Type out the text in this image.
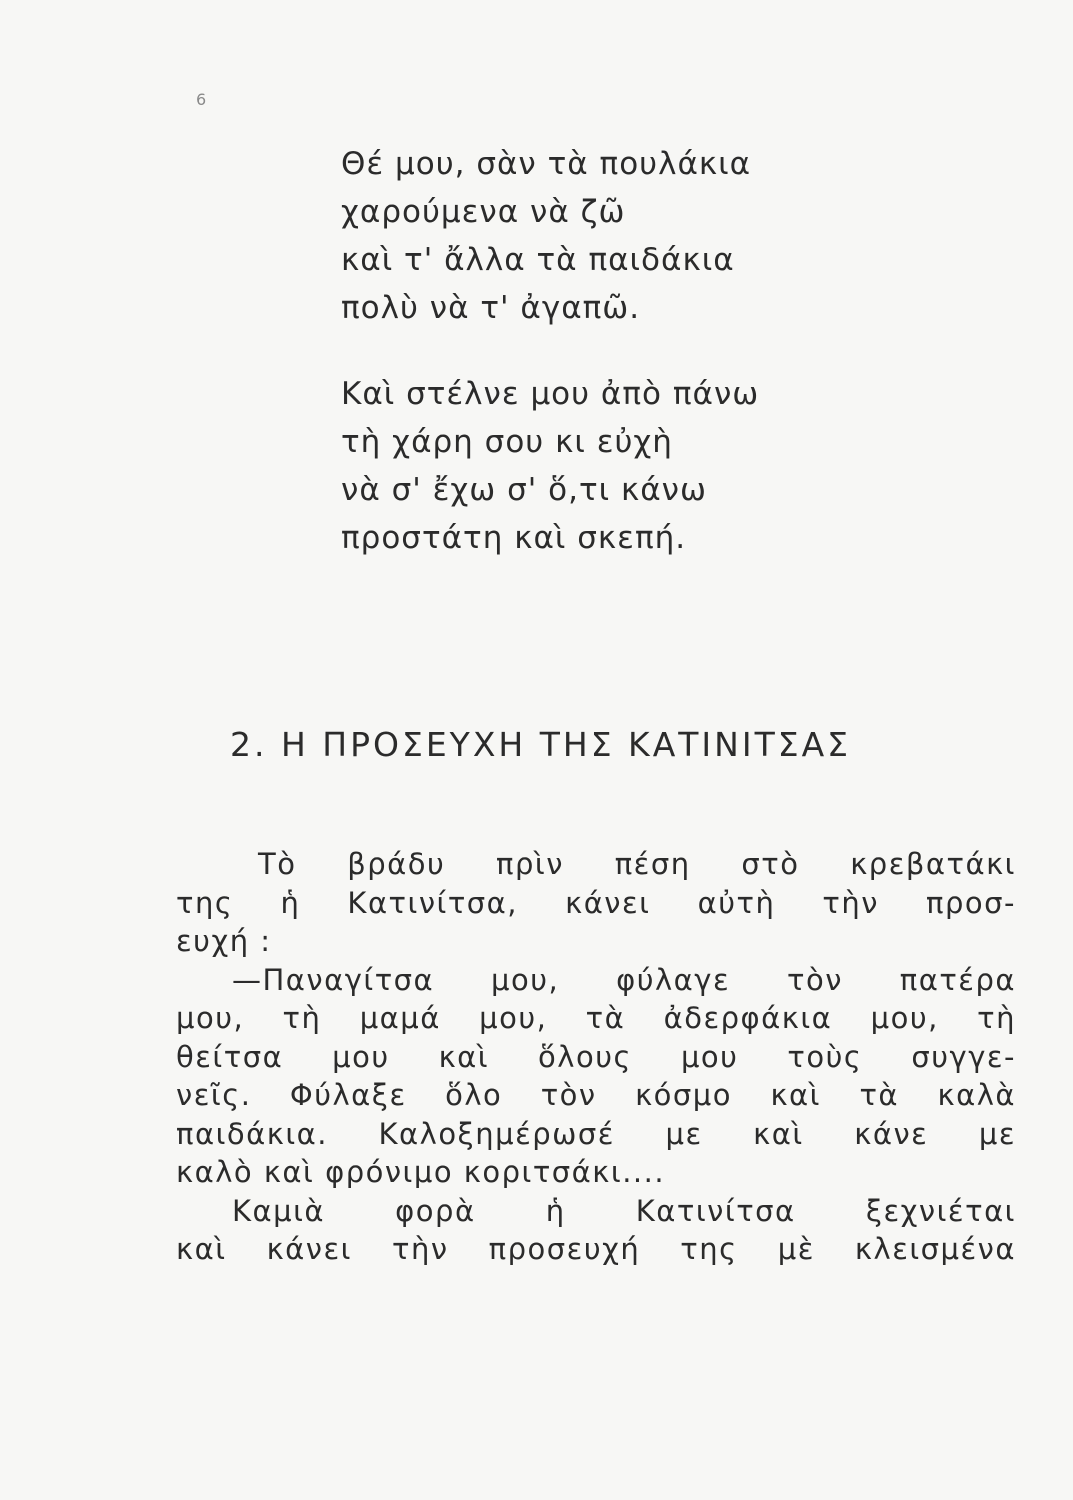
6
Θέ μου, σὰν τὰ πουλάκια
χαρούμενα νὰ ζῶ
καὶ τ' ἄλλα τὰ παιδάκια
πολὺ νὰ τ' ἀγαπῶ.
Καὶ στέλνε μου ἀπὸ πάνω
τὴ χάρη σου κι εὐχὴ
νὰ σ' ἔχω σ' ὅ,τι κάνω
προστάτη καὶ σκεπή.
2. Η ΠΡΟΣΕΥΧΗ ΤΗΣ ΚΑΤΙΝΙΤΣΑΣ
Τὸ βράδυ πρὶν πέση στὸ κρεβατάκι
της ἡ Κατινίτσα, κάνει αὐτὴ τὴν προσ-
ευχή :
—Παναγίτσα μου, φύλαγε τὸν πατέρα
μου, τὴ μαμά μου, τὰ ἀδερφάκια μου, τὴ
θείτσα μου καὶ ὅλους μου τοὺς συγγε-
νεῖς. Φύλαξε ὅλο τὸν κόσμο καὶ τὰ καλὰ
παιδάκια. Καλοξημέρωσέ με καὶ κάνε με
καλὸ καὶ φρόνιμο κοριτσάκι....
Καμιὰ φορὰ ἡ Κατινίτσα ξεχνιέται
καὶ κάνει τὴν προσευχή της μὲ κλεισμένα
